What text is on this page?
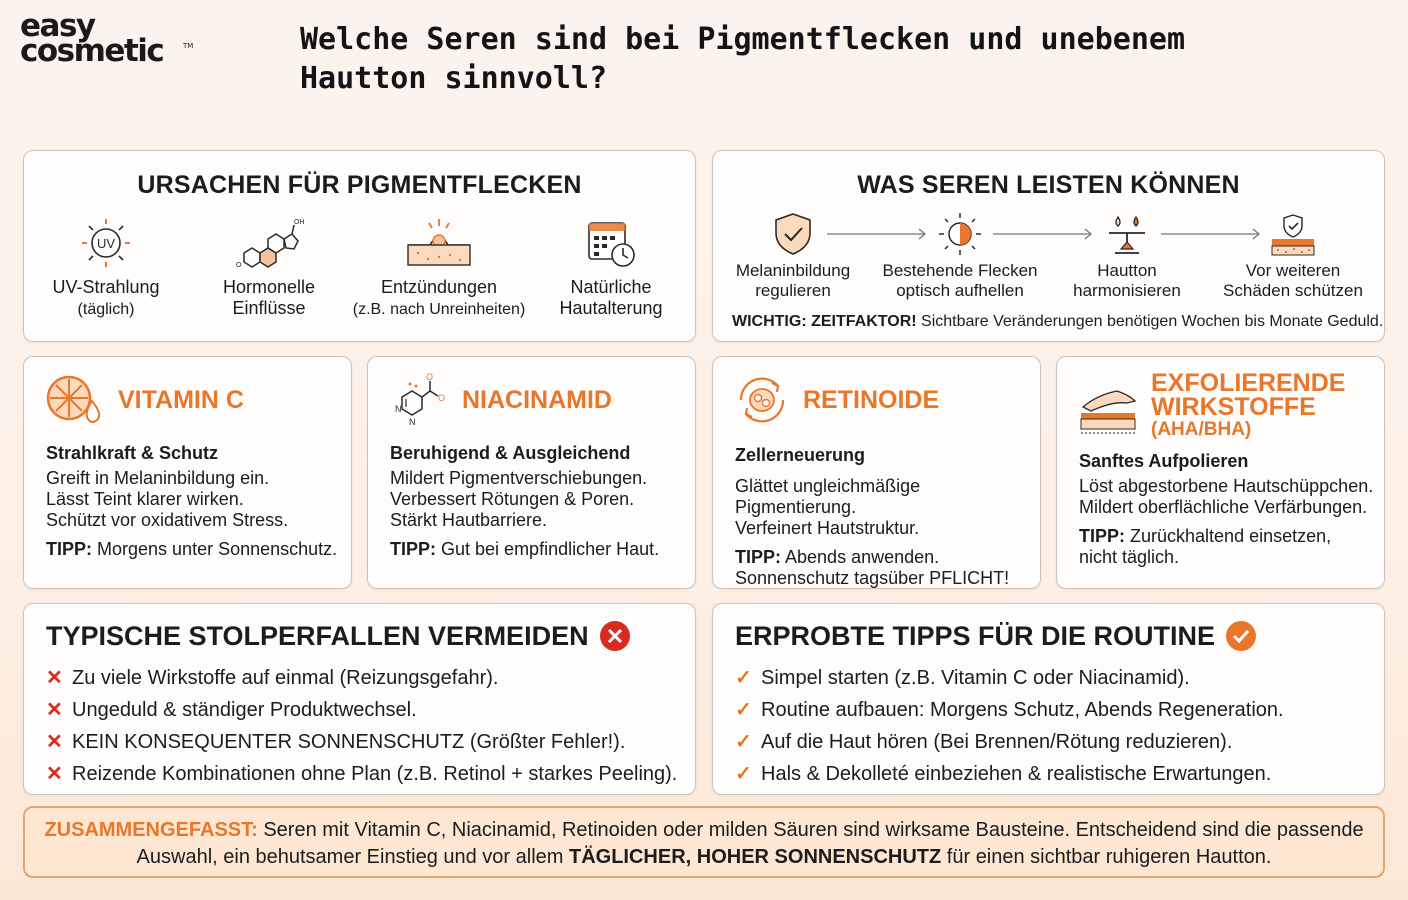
easy
cosmetic	TM	Welche Seren sind bei Pigmentflecken und unebenem Hautton sinnvoll?
URSACHEN FÜR PIGMENTFLECKEN
UV
UV-Strahlung
(täglich)
OH
O
Hormonelle
Einflüsse
Entzündungen
(z.B. nach Unreinheiten)
Natürliche
Hautalterung
WAS SEREN LEISTEN KÖNNEN
Melaninbildung
regulieren
Bestehende Flecken
optisch aufhellen
Hautton
harmonisieren
Vor weiteren
Schäden schützen
WICHTIG: ZEITFAKTOR! Sichtbare Veränderungen benötigen Wochen bis Monate Geduld.
VITAMIN C
Strahlkraft & Schutz
Greift in Melaninbildung ein.
Lässt Teint klarer wirken.
Schützt vor oxidativem Stress.
TIPP: Morgens unter Sonnenschutz.
O
O
N
N
NIACINAMID
Beruhigend & Ausgleichend
Mildert Pigmentverschiebungen.
Verbessert Rötungen & Poren.
Stärkt Hautbarriere.
TIPP: Gut bei empfindlicher Haut.
RETINOIDE
Zellerneuerung
Glättet ungleichmäßige Pigmentierung.
Verfeinert Hautstruktur.
TIPP: Abends anwenden.
Sonnenschutz tagsüber PFLICHT!
EXFOLIERENDE
WIRKSTOFFE
(AHA/BHA)
Sanftes Aufpolieren
Löst abgestorbene Hautschüppchen.
Mildert oberflächliche Verfärbungen.
TIPP: Zurückhaltend einsetzen,
nicht täglich.
TYPISCHE STOLPERFALLEN VERMEIDEN
✕ Zu viele Wirkstoffe auf einmal (Reizungsgefahr).
✕ Ungeduld & ständiger Produktwechsel.
✕ KEIN KONSEQUENTER SONNENSCHUTZ (Größter Fehler!).
✕ Reizende Kombinationen ohne Plan (z.B. Retinol + starkes Peeling).
ERPROBTE TIPPS FÜR DIE ROUTINE
✓ Simpel starten (z.B. Vitamin C oder Niacinamid).
✓ Routine aufbauen: Morgens Schutz, Abends Regeneration.
✓ Auf die Haut hören (Bei Brennen/Rötung reduzieren).
✓ Hals & Dekolleté einbeziehen & realistische Erwartungen.
ZUSAMMENGEFASST: Seren mit Vitamin C, Niacinamid, Retinoiden oder milden Säuren sind wirksame Bausteine. Entscheidend sind die passende Auswahl, ein behutsamer Einstieg und vor allem TÄGLICHER, HOHER SONNENSCHUTZ für einen sichtbar ruhigeren Hautton.
